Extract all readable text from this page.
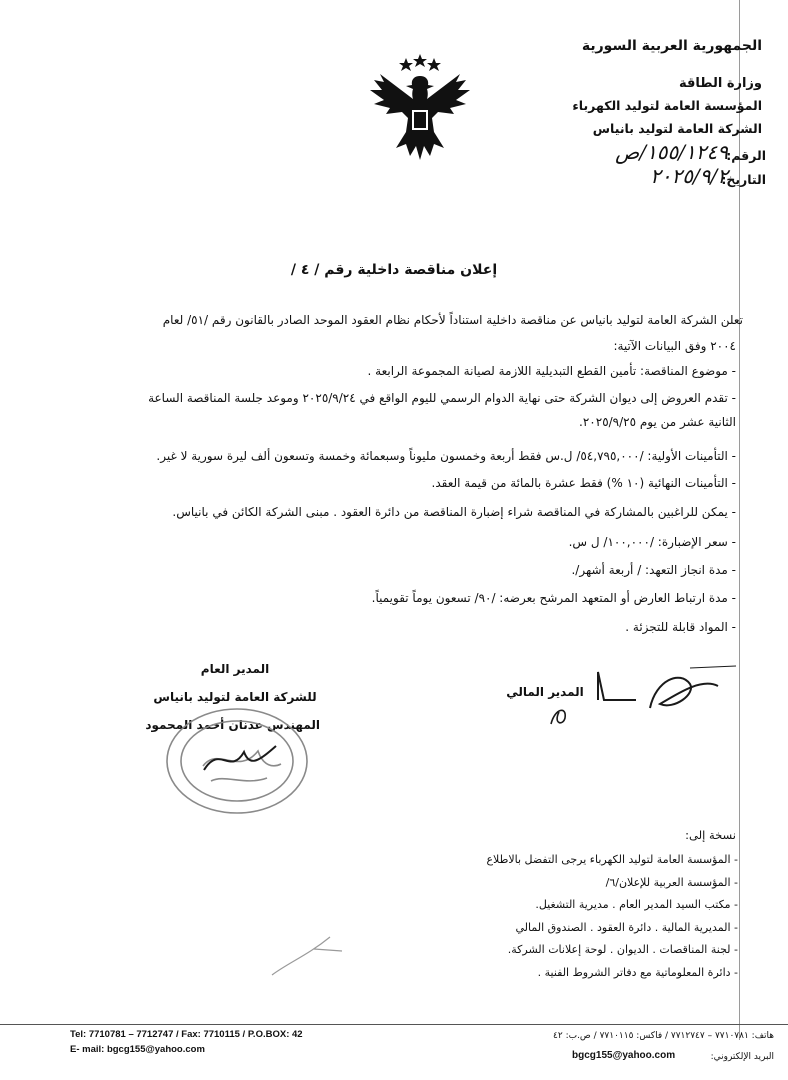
الجمهورية العربية السورية
وزارة الطاقة
المؤسسة العامة لتوليد الكهرباء
الشركة العامة لتوليد بانياس
الرقم:
١٥٥/١٢٤٩/ص
التاريخ:
٢٠٢٥/٩/٢
إعلان مناقصة داخلية رقم / ٤ /
تعلن الشركة العامة لتوليد بانياس عن مناقصة داخلية استناداً لأحكام نظام العقود الموحد الصادر بالقانون رقم /٥١/ لعام
٢٠٠٤ وفق البيانات الآتية:
- موضوع المناقصة: تأمين القطع التبديلية اللازمة لصيانة المجموعة الرابعة .
- تقدم العروض إلى ديوان الشركة حتى نهاية الدوام الرسمي لليوم الواقع في ٢٠٢٥/٩/٢٤ وموعد جلسة المناقصة الساعة
الثانية عشر من يوم ٢٠٢٥/٩/٢٥.
- التأمينات الأولية: /٥٤,٧٩٥,٠٠٠/ ل.س فقط أربعة وخمسون مليوناً وسبعمائة وخمسة وتسعون ألف ليرة سورية لا غير.
- التأمينات النهائية (١٠ %) فقط عشرة بالمائة من قيمة العقد.
- يمكن للراغبين بالمشاركة في المناقصة شراء إضبارة المناقصة من دائرة العقود . مبنى الشركة الكائن في بانياس.
- سعر الإضبارة: /١٠٠,٠٠٠/ ل س.
- مدة انجاز التعهد: / أربعة أشهر/.
- مدة ارتباط العارض أو المتعهد المرشح بعرضه: /٩٠/ تسعون يوماً تقويمياً.
- المواد قابلة للتجزئة .
المدير العام
للشركة العامة لتوليد بانياس
المهندس عدنان أحمد المحمود
المدير المالي
نسخة إلى:
- المؤسسة العامة لتوليد الكهرباء يرجى التفضل بالاطلاع
- المؤسسة العربية للإعلان/٦/
- مكتب السيد المدير العام . مديرية التشغيل.
- المديرية المالية . دائرة العقود . الصندوق المالي
- لجنة المناقصات . الديوان . لوحة إعلانات الشركة.
- دائرة المعلوماتية مع دفاتر الشروط الفنية .
Tel: 7710781 – 7712747 / Fax: 7710115 / P.O.BOX: 42
E- mail: bgcg155@yahoo.com
هاتف: ٧٧١٠٧٨١ – ٧٧١٢٧٤٧ / فاكس: ٧٧١٠١١٥ / ص.ب: ٤٢
البريد الإلكتروني:
bgcg155@yahoo.com
